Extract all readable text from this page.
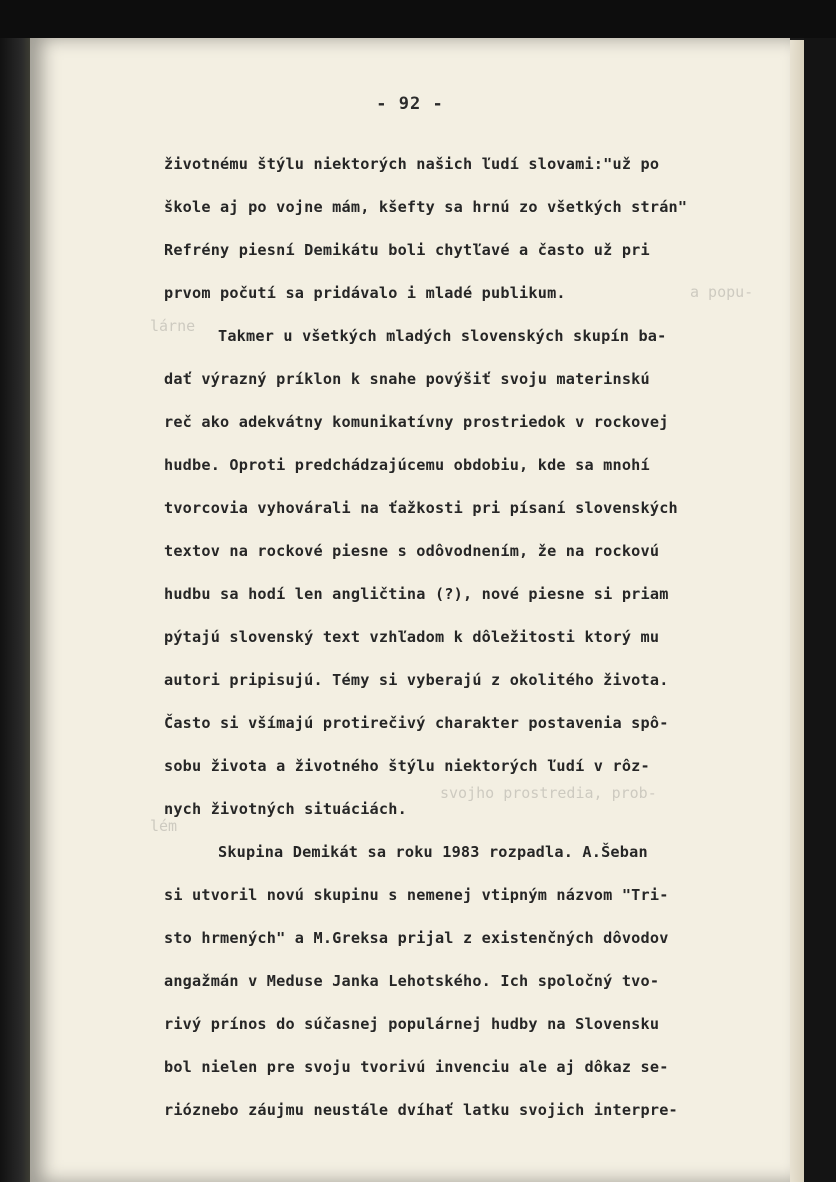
- 92 -
životnému štýlu niektorých našich ľudí slovami:"už po
škole aj po vojne mám, kšefty sa hrnú zo všetkých strán"
Refrény piesní Demikátu boli chytľavé a často už pri
prvom počutí sa pridávalo i mladé publikum.
Takmer u všetkých mladých slovenských skupín ba-
dať výrazný príklon k snahe povýšiť svoju materinskú
reč ako adekvátny komunikatívny prostriedok v rockovej
hudbe. Oproti predchádzajúcemu obdobiu, kde sa mnohí
tvorcovia vyhovárali na ťažkosti pri písaní slovenských
textov na rockové piesne s odôvodnením, že na rockovú
hudbu sa hodí len angličtina (?), nové piesne si priam
pýtajú slovenský text vzhľadom k dôležitosti ktorý mu
autori pripisujú. Témy si vyberajú z okolitého života.
Často si všímajú protirečivý charakter postavenia spô-
sobu života a životného štýlu niektorých ľudí v rôz-
nych životných situáciách.
Skupina Demikát sa roku 1983 rozpadla. A.Šeban
si utvoril novú skupinu s nemenej vtipným názvom "Tri-
sto hrmených" a M.Greksa prijal z existenčných dôvodov
angažmán v Meduse Janka Lehotského. Ich spoločný tvo-
rivý prínos do súčasnej populárnej hudby na Slovensku
bol nielen pre svoju tvorivú invenciu ale aj dôkaz se-
rióznebo záujmu neustále dvíhať latku svojich interpre-
a popu-
lárne
svojho prostredia, prob-
lém
